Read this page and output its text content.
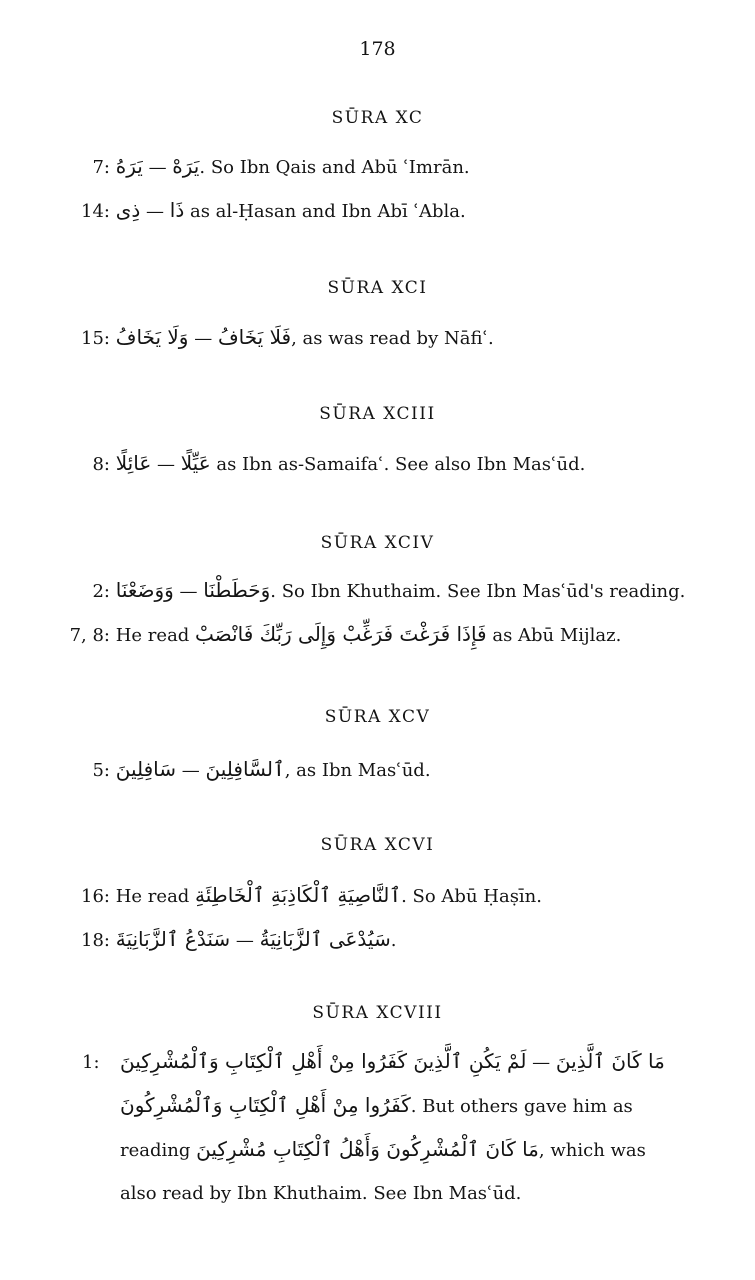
178
SŪRA XC
7: يَرَهُ — يَرَهْ. So Ibn Qais and Abū ʿImrān.
14: ذِى — ذَا as al-Ḥasan and Ibn Abī ʿAbla.
SŪRA XCI
15: وَلَا يَخَافُ — فَلَا يَخَافُ, as was read by Nāfiʿ.
SŪRA XCIII
8: عَائِلًا — عَيِّلًا as Ibn as-Samaifaʿ. See also Ibn Masʿūd.
SŪRA XCIV
2: وَوَضَعْنَا — وَحَطَطْنَا. So Ibn Khuthaim. See Ibn Masʿūd's reading.
7, 8: He read فَإِذَا فَرَغْتَ فَرَغِّبْ وَإِلَى رَبِّكَ فَانْصَبْ as Abū Mijlaz.
SŪRA XCV
5: سَافِلِينَ — ٱلسَّافِلِينَ, as Ibn Masʿūd.
SŪRA XCVI
16: He read ٱلنَّاصِيَةِ ٱلْكَاذِبَةِ ٱلْخَاطِئَةِ. So Abū Ḥaṣīn.
18: سَنَدْعُ ٱلزَّبَانِيَةَ — سَيُدْعَى ٱلزَّبَانِيَةُ.
SŪRA XCVIII
1: لَمْ يَكُنِ ٱلَّذِينَ كَفَرُوا مِنْ أَهْلِ ٱلْكِتَابِ وَٱلْمُشْرِكِينَ — مَا كَانَ ٱلَّذِينَ
كَفَرُوا مِنْ أَهْلِ ٱلْكِتَابِ وَٱلْمُشْرِكُونَ. But others gave him as
reading مَا كَانَ ٱلْمُشْرِكُونَ وَأَهْلُ ٱلْكِتَابِ مُشْرِكِينَ, which was
also read by Ibn Khuthaim. See Ibn Masʿūd.
